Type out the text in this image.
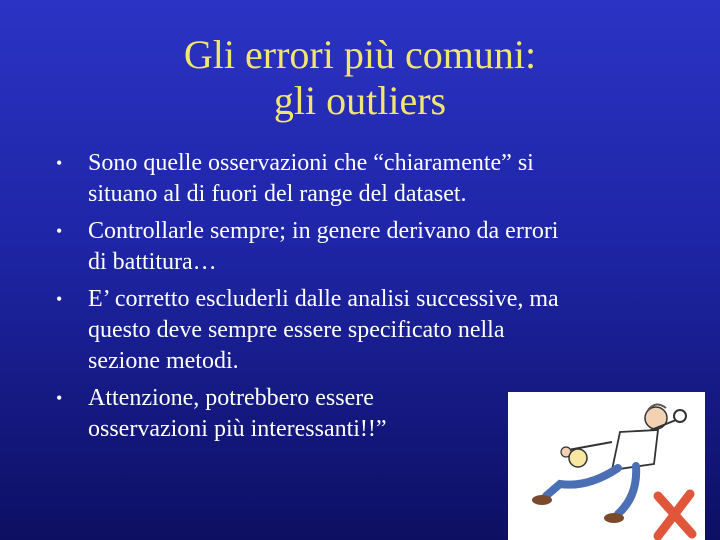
Gli errori più comuni:
gli outliers
• Sono quelle osservazioni che “chiaramente” si
situano al di fuori del range del dataset.
• Controllarle sempre; in genere derivano da errori
di battitura…
• E’ corretto escluderli dalle analisi successive, ma
questo deve sempre essere specificato nella
sezione metodi.
• Attenzione, potrebbero essere
osservazioni più interessanti!!”
